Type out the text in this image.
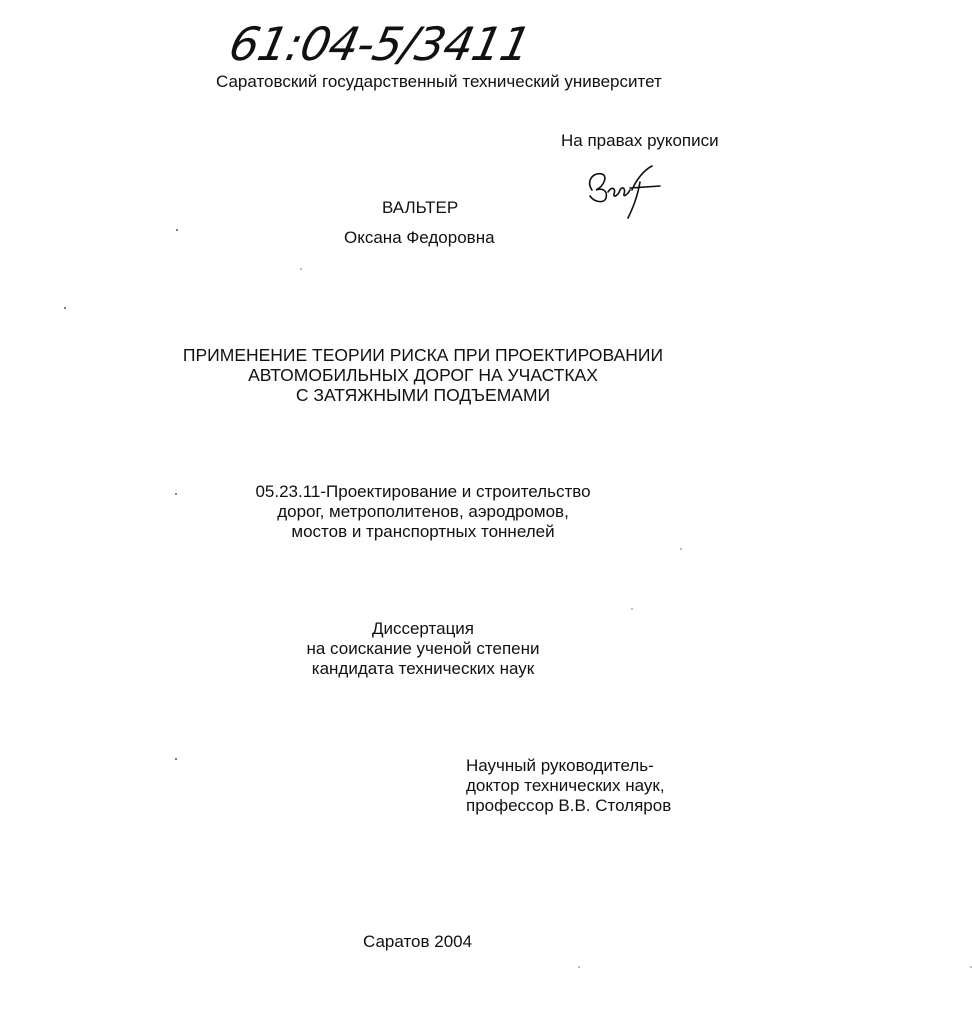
61:04-5/3411
Саратовский государственный технический университет
На правах рукописи
ВАЛЬТЕР
Оксана Федоровна
ПРИМЕНЕНИЕ ТЕОРИИ РИСКА ПРИ ПРОЕКТИРОВАНИИ
АВТОМОБИЛЬНЫХ ДОРОГ НА УЧАСТКАХ
С ЗАТЯЖНЫМИ ПОДЪЕМАМИ
05.23.11-Проектирование и строительство
дорог, метрополитенов, аэродромов,
мостов и транспортных тоннелей
Диссертация
на соискание ученой степени
кандидата технических наук
Научный руководитель-
доктор технических наук,
профессор В.В. Столяров
Саратов 2004
